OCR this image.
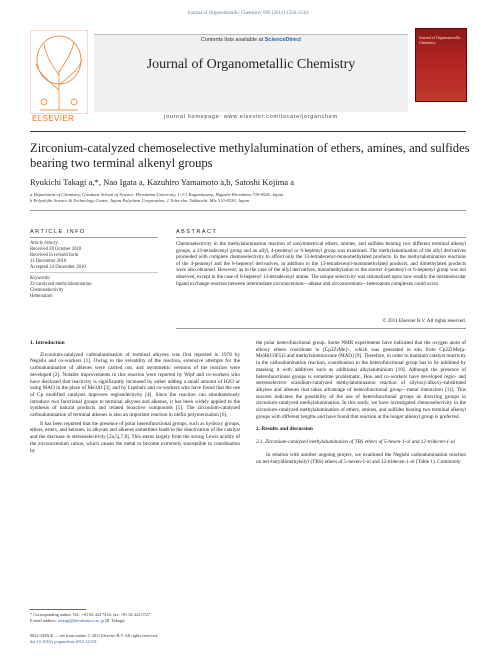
Journal of Organometallic Chemistry 696 (2011) 1556–1564
ELSEVIER
Contents lists available at ScienceDirect
Journal of Organometallic Chemistry
journal homepage: www.elsevier.com/locate/jorganchem
Journal of Organometallic Chemistry
Zirconium-catalyzed chemoselective methylalumination of ethers, amines, and sulfides bearing two terminal alkenyl groups
Ryukichi Takagi a,*, Nao Igata a, Kazuhiro Yamamoto a,b, Satoshi Kojima a
a Department of Chemistry, Graduate School of Science, Hiroshima University, 1-3-1 Kagamiyama, Higashi-Hiroshima 739-8526, Japan
b Polyolefin Science & Technology Center, Japan Polychem Corporation, 1 Toho-cho, Yokkaichi, Mie 510-8530, Japan
ARTICLE INFO	ABSTRACT
Article history:
Received 28 October 2010
Received in revised form
11 December 2010
Accepted 24 December 2010
Keywords:
Zr-catalyzed methylalumination
Chemoselectivity
Heteroatom
Chemoselectivity in the methylalumination reaction of unsymmetrical ethers, amines, and sulfides bearing two different terminal alkenyl groups, a 13-tetradecenyl group and an allyl, 4-pentenyl or 6-heptenyl group was examined. The methylalumination of the allyl derivatives proceeded with complete chemoselectivity to afford only the 13-tetradecenyl-monomethylated products. In the methylalumination reactions of the 4-pentenyl and the 6-heptenyl derivatives, in addition to the 13-tetradecenyl-monomethylated products, and dimethylated products were also obtained. However, as in the case of the allyl derivatives, monomethylation to the shorter 4-pentenyl or 6-heptenyl group was not observed, except in the case of 6-heptenyl 13-tetradecenyl amine. The unique selectivity was rationalized upon how readily the intramolecular ligand exchange reaction between intermediate zirconocenium—alkene and zirconocenium—heteroatom complexes could occur.
© 2011 Elsevier B.V. All rights reserved.
1. Introduction

Zirconium-catalyzed carboalumination of terminal alkynes was first reported in 1978 by Negishi and co-workers [1]. Owing to the versatility of the reaction, extensive attempts for the carboalumination of alkenes were carried out, and asymmetric versions of the reaction were developed [2]. Notable improvements to this reaction were reported by Wipf and co-workers who have disclosed that reactivity is significantly increased by either adding a small amount of H2O or using MAO in the place of Me3Al [3], and by Lipshutz and co-workers who have found that the use of Cp modified catalysts improves regioselectivity [4]. Since the reaction can simultaneously introduce two functional groups to terminal alkynes and alkenes, it has been widely applied to the synthesis of natural products and related bioactive compounds [5]. The zirconium-catalyzed carboalumination of terminal alkenes is also an important reaction in olefin polymerization [6].

It has been reported that the presence of polar heterofunctional groups, such as hydroxy groups, ethers, esters, and ketones, in alkynes and alkenes sometimes leads to the deactivation of the catalyst and the decrease in stereoselectivity [2a,5j,7,8]. This stems largely from the strong Lewis acidity of the zirconocenium cation, which causes the metal to become extremely susceptible to coordination by

the polar heterofunctional group. Some NMR experiments have indicated that the oxygen atom of ethoxy ethers coordinate to [Cp2ZrMe]+, which was generated in situ from Cp2ZrMe(μ-Me)B(C6F5)3 and methylaluminoxane (MAO) [9]. Therefore, in order to maintain catalyst reactivity in the carboalumination reaction, coordination to the heterofunctional group has to be inhibited by masking it with additives such as additional alkylaluminium [10]. Although the presence of heterofunctional groups is sometime problematic, Hou and co-workers have developed regio- and stereoselective scandium-catalyzed methylalumination reaction of silyloxy/alkoxy-substituted alkynes and alkenes that takes advantage of heterofunctional group—metal interaction [11]. This success indicates the possibility of the use of heterofunctional groups as directing groups in zirconium-catalyzed methylalumination. In this study, we have investigated chemoselectivity in the zirconium-catalyzed methylalumination of ethers, amines, and sulfides bearing two terminal alkenyl groups with different lengths and have found that reaction at the longer alkenyl group is preferred.

2. Results and discussion
2.1. Zirconium-catalyzed methylalumination of TBS ethers of 5-hexen-1-ol and 12-tridecen-1-ol

In relation with another ongoing project, we examined the Negishi carboalumination reaction on tert-butyldimethylsilyl (TBS) ethers of 5-hexen-1-ol and 12-tridecen-1-ol (Table 1). Commonly

* Corresponding author. Tel.: +81 82 424 7434; fax: +81 82 424 0727.
E-mail address: rtakagi@hiroshima-u.ac.jp (R. Takagi).
0022-328X/$ — see front matter © 2011 Elsevier B.V. All rights reserved.
doi:10.1016/j.jorganchem.2010.12.031
